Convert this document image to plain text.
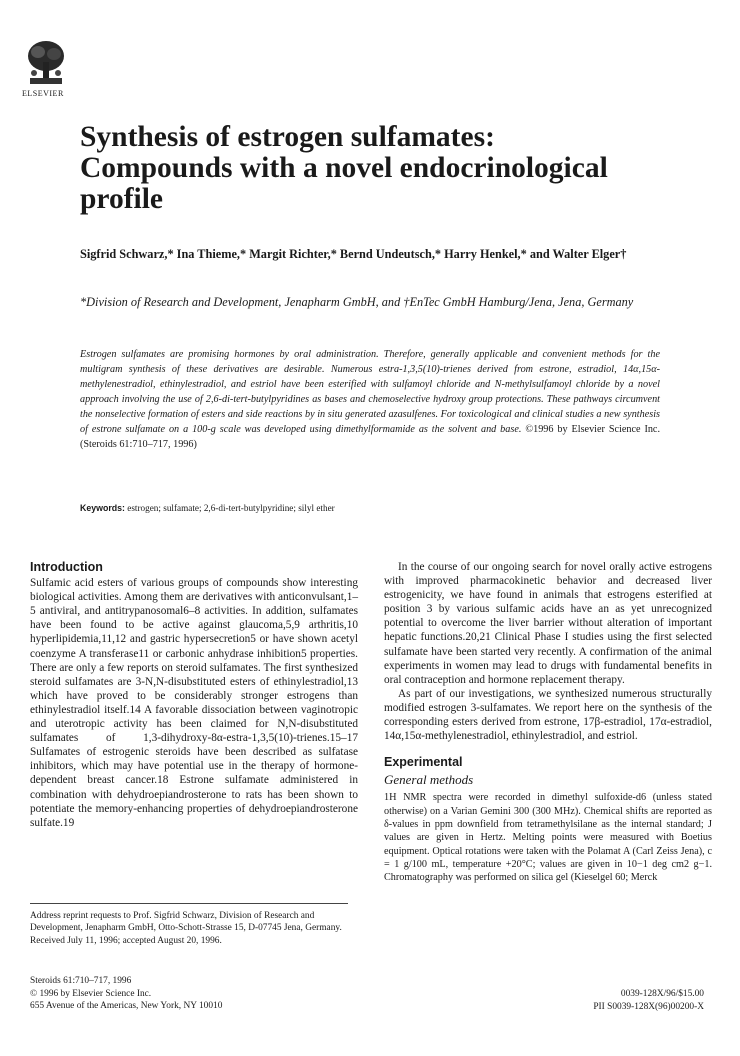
ELSEVIER
Synthesis of estrogen sulfamates: Compounds with a novel endocrinological profile
Sigfrid Schwarz,* Ina Thieme,* Margit Richter,* Bernd Undeutsch,* Harry Henkel,* and Walter Elger†
*Division of Research and Development, Jenapharm GmbH, and †EnTec GmbH Hamburg/Jena, Jena, Germany
Estrogen sulfamates are promising hormones by oral administration. Therefore, generally applicable and convenient methods for the multigram synthesis of these derivatives are desirable. Numerous estra-1,3,5(10)-trienes derived from estrone, estradiol, 14α,15α-methylenestradiol, ethinylestradiol, and estriol have been esterified with sulfamoyl chloride and N-methylsulfamoyl chloride by a novel approach involving the use of 2,6-di-tert-butylpyridines as bases and chemoselective hydroxy group protections. These pathways circumvent the nonselective formation of esters and side reactions by in situ generated azasulfenes. For toxicological and clinical studies a new synthesis of estrone sulfamate on a 100-g scale was developed using dimethylformamide as the solvent and base. ©1996 by Elsevier Science Inc. (Steroids 61:710–717, 1996)
Keywords: estrogen; sulfamate; 2,6-di-tert-butylpyridine; silyl ether
Introduction

Sulfamic acid esters of various groups of compounds show interesting biological activities. Among them are derivatives with anticonvulsant,1–5 antiviral, and antitrypanosomal6–8 activities. In addition, sulfamates have been found to be active against glaucoma,5,9 arthritis,10 hyperlipidemia,11,12 and gastric hypersecretion5 or have shown acetyl coenzyme A transferase11 or carbonic anhydrase inhibition5 properties. There are only a few reports on steroid sulfamates. The first synthesized steroid sulfamates are 3-N,N-disubstituted esters of ethinylestradiol,13 which have proved to be considerably stronger estrogens than ethinylestradiol itself.14 A favorable dissociation between vaginotropic and uterotropic activity has been claimed for N,N-disubstituted sulfamates of 1,3-dihydroxy-8α-estra-1,3,5(10)-trienes.15–17 Sulfamates of estrogenic steroids have been described as sulfatase inhibitors, which may have potential use in the therapy of hormone-dependent breast cancer.18 Estrone sulfamate administered in combination with dehydroepiandrosterone to rats has been shown to potentiate the memory-enhancing properties of dehydroepiandrosterone sulfate.19

In the course of our ongoing search for novel orally active estrogens with improved pharmacokinetic behavior and decreased liver estrogenicity, we have found in animals that estrogens esterified at position 3 by various sulfamic acids have an as yet unrecognized potential to overcome the liver barrier without alteration of important hepatic functions.20,21 Clinical Phase I studies using the first selected sulfamate have been started very recently. A confirmation of the animal experiments in women may lead to drugs with fundamental benefits in oral contraception and hormone replacement therapy.

As part of our investigations, we synthesized numerous structurally modified estrogen 3-sulfamates. We report here on the synthesis of the corresponding esters derived from estrone, 17β-estradiol, 17α-estradiol, 14α,15α-methylenestradiol, ethinylestradiol, and estriol.

Experimental
General methods

1H NMR spectra were recorded in dimethyl sulfoxide-d6 (unless stated otherwise) on a Varian Gemini 300 (300 MHz). Chemical shifts are reported as δ-values in ppm downfield from tetramethylsilane as the internal standard; J values are given in Hertz. Melting points were measured with Boetius equipment. Optical rotations were taken with the Polamat A (Carl Zeiss Jena), c = 1 g/100 mL, temperature +20°C; values are given in 10−1 deg cm2 g−1. Chromatography was performed on silica gel (Kieselgel 60; Merck

Address reprint requests to Prof. Sigfrid Schwarz, Division of Research and Development, Jenapharm GmbH, Otto-Schott-Strasse 15, D-07745 Jena, Germany.
Received July 11, 1996; accepted August 20, 1996.
Steroids 61:710–717, 1996
© 1996 by Elsevier Science Inc.
655 Avenue of the Americas, New York, NY 10010
0039-128X/96/$15.00
PII S0039-128X(96)00200-X
